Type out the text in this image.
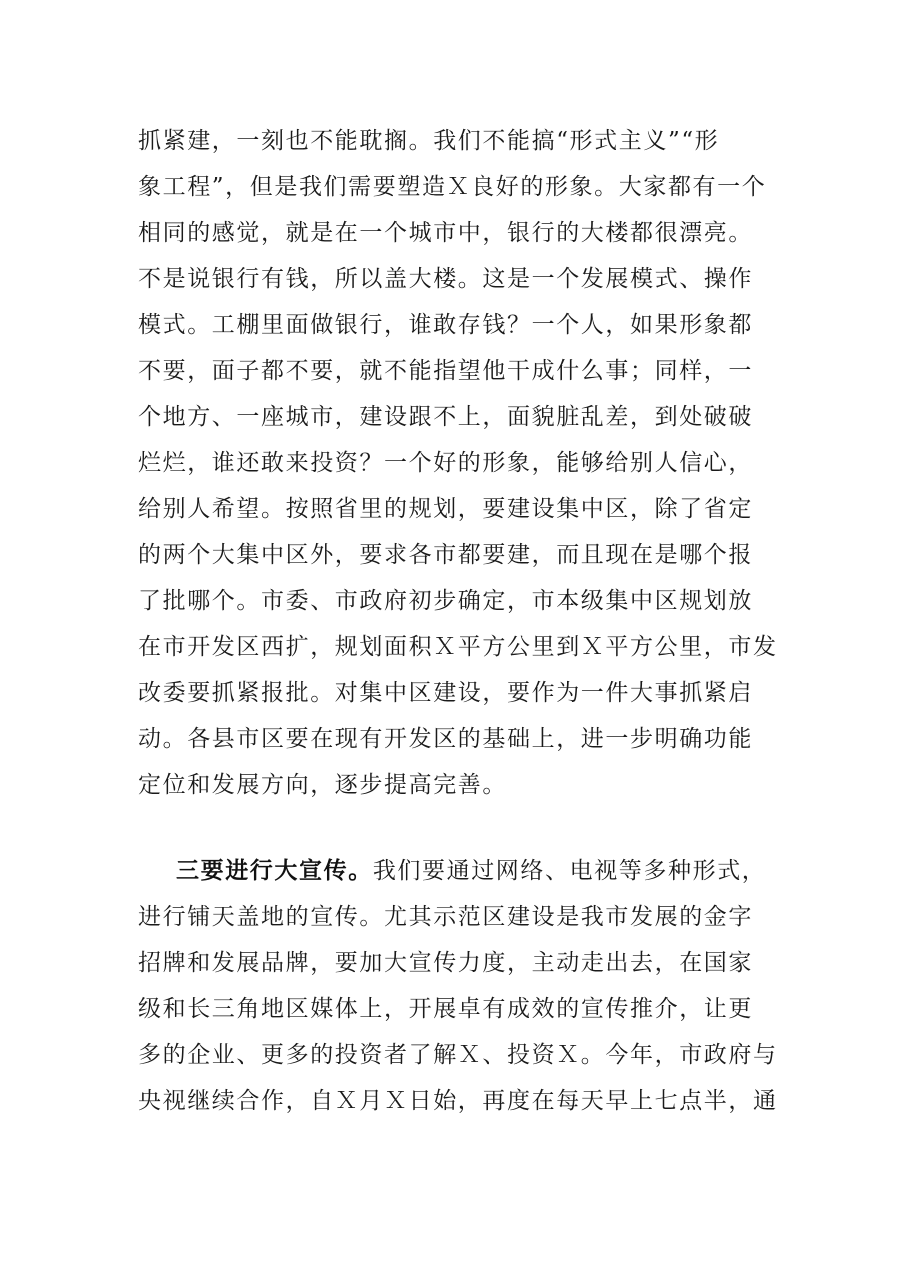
抓紧建，一刻也不能耽搁。我们不能搞“形式主义”“形
象工程”，但是我们需要塑造Ｘ良好的形象。大家都有一个
相同的感觉，就是在一个城市中，银行的大楼都很漂亮。
不是说银行有钱，所以盖大楼。这是一个发展模式、操作
模式。工棚里面做银行，谁敢存钱？一个人，如果形象都
不要，面子都不要，就不能指望他干成什么事；同样，一
个地方、一座城市，建设跟不上，面貌脏乱差，到处破破
烂烂，谁还敢来投资？一个好的形象，能够给别人信心，
给别人希望。按照省里的规划，要建设集中区，除了省定
的两个大集中区外，要求各市都要建，而且现在是哪个报
了批哪个。市委、市政府初步确定，市本级集中区规划放
在市开发区西扩，规划面积Ｘ平方公里到Ｘ平方公里，市发
改委要抓紧报批。对集中区建设，要作为一件大事抓紧启
动。各县市区要在现有开发区的基础上，进一步明确功能
定位和发展方向，逐步提高完善。
三要进行大宣传。我们要通过网络、电视等多种形式，
进行铺天盖地的宣传。尤其示范区建设是我市发展的金字
招牌和发展品牌，要加大宣传力度，主动走出去，在国家
级和长三角地区媒体上，开展卓有成效的宣传推介，让更
多的企业、更多的投资者了解Ｘ、投资Ｘ。今年，市政府与
央视继续合作，自Ｘ月Ｘ日始，再度在每天早上七点半，通
